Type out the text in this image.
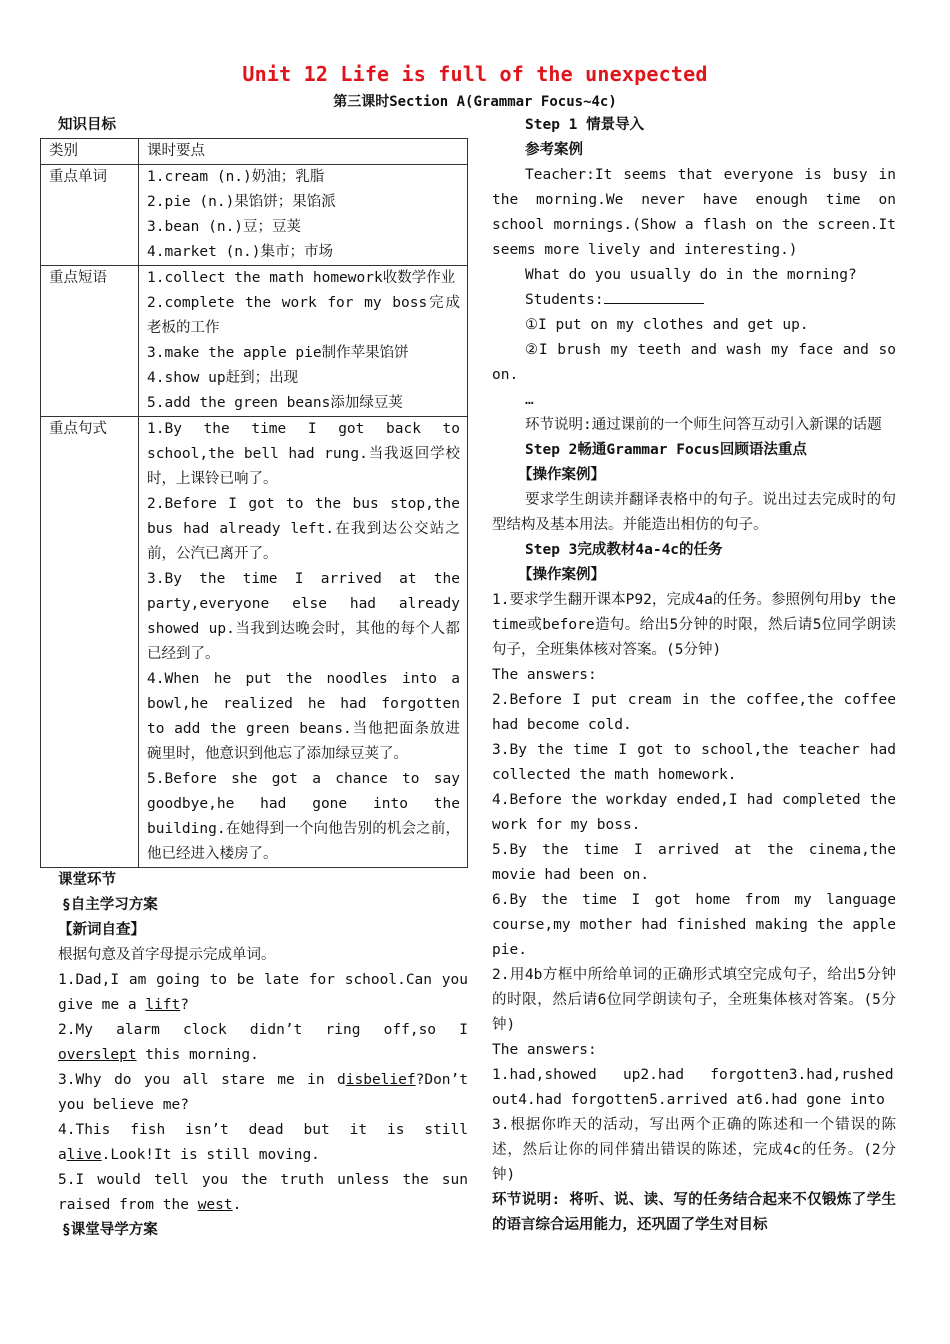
Unit 12 Life is full of the unexpected
第三课时Section A(Grammar Focus~4c)
知识目标
类别	课时要点
重点单词	1.cream (n.)奶油；乳脂
2.pie (n.)果馅饼；果馅派
3.bean (n.)豆；豆荚
4.market (n.)集市；市场

重点短语	1.collect the math homework收数学作业
2.complete the work for my boss完成老板的工作
3.make the apple pie制作苹果馅饼
4.show up赶到；出现
5.add the green beans添加绿豆荚

重点句式	1.By the time I got back to school,the bell had rung.当我返回学校时，上课铃已响了。
2.Before I got to the bus stop,the bus had already left.在我到达公交站之前，公汽已离开了。
3.By the time I arrived at the party,everyone else had already showed up.当我到达晚会时，其他的每个人都已经到了。
4.When he put the noodles into a bowl,he realized he had forgotten to add the green beans.当他把面条放进碗里时，他意识到他忘了添加绿豆荚了。
5.Before she got a chance to say goodbye,he had gone into the building.在她得到一个向他告别的机会之前，他已经进入楼房了。
课堂环节
§自主学习方案
【新词自查】

根据句意及首字母提示完成单词。

1.Dad,I am going to be late for school.Can you give me a lift?

2.My alarm clock didn’t ring off,so I overslept this morning.

3.Why do you all stare me in disbelief?Don’t you believe me?

4.This fish isn’t dead but it is still alive.Look!It is still moving.

5.I would tell you the truth unless the sun raised from the west.

§课堂导学方案
Step 1 情景导入
参考案例

Teacher:It seems that everyone is busy in the morning.We never have enough time on school mornings.(Show a flash on the screen.It seems more lively and interesting.)

What do you usually do in the morning?

Students:

①I put on my clothes and get up.

②I brush my teeth and wash my face and so on.

…

环节说明:通过课前的一个师生问答互动引入新课的话题

Step 2畅通Grammar Focus回顾语法重点
【操作案例】

要求学生朗读并翻译表格中的句子。说出过去完成时的句型结构及基本用法。并能造出相仿的句子。

Step 3完成教材4a-4c的任务
【操作案例】

1.要求学生翻开课本P92，完成4a的任务。参照例句用by the time或before造句。给出5分钟的时限，然后请5位同学朗读句子，全班集体核对答案。(5分钟)

The answers:

2.Before I put cream in the coffee,the coffee had become cold.

3.By the time I got to school,the teacher had collected the math homework.

4.Before the workday ended,I had completed the work for my boss.

5.By the time I arrived at the cinema,the movie had been on.

6.By the time I got home from my language course,my mother had finished making the apple pie.

2.用4b方框中所给单词的正确形式填空完成句子，给出5分钟的时限，然后请6位同学朗读句子，全班集体核对答案。(5分钟)

The answers:

1.had,showed   up2.had   forgotten3.had,rushed

out4.had forgotten5.arrived at6.had gone into

3.根据你昨天的活动，写出两个正确的陈述和一个错误的陈述，然后让你的同伴猜出错误的陈述，完成4c的任务。(2分钟)

环节说明: 将听、说、读、写的任务结合起来不仅锻炼了学生的语言综合运用能力，还巩固了学生对目标
